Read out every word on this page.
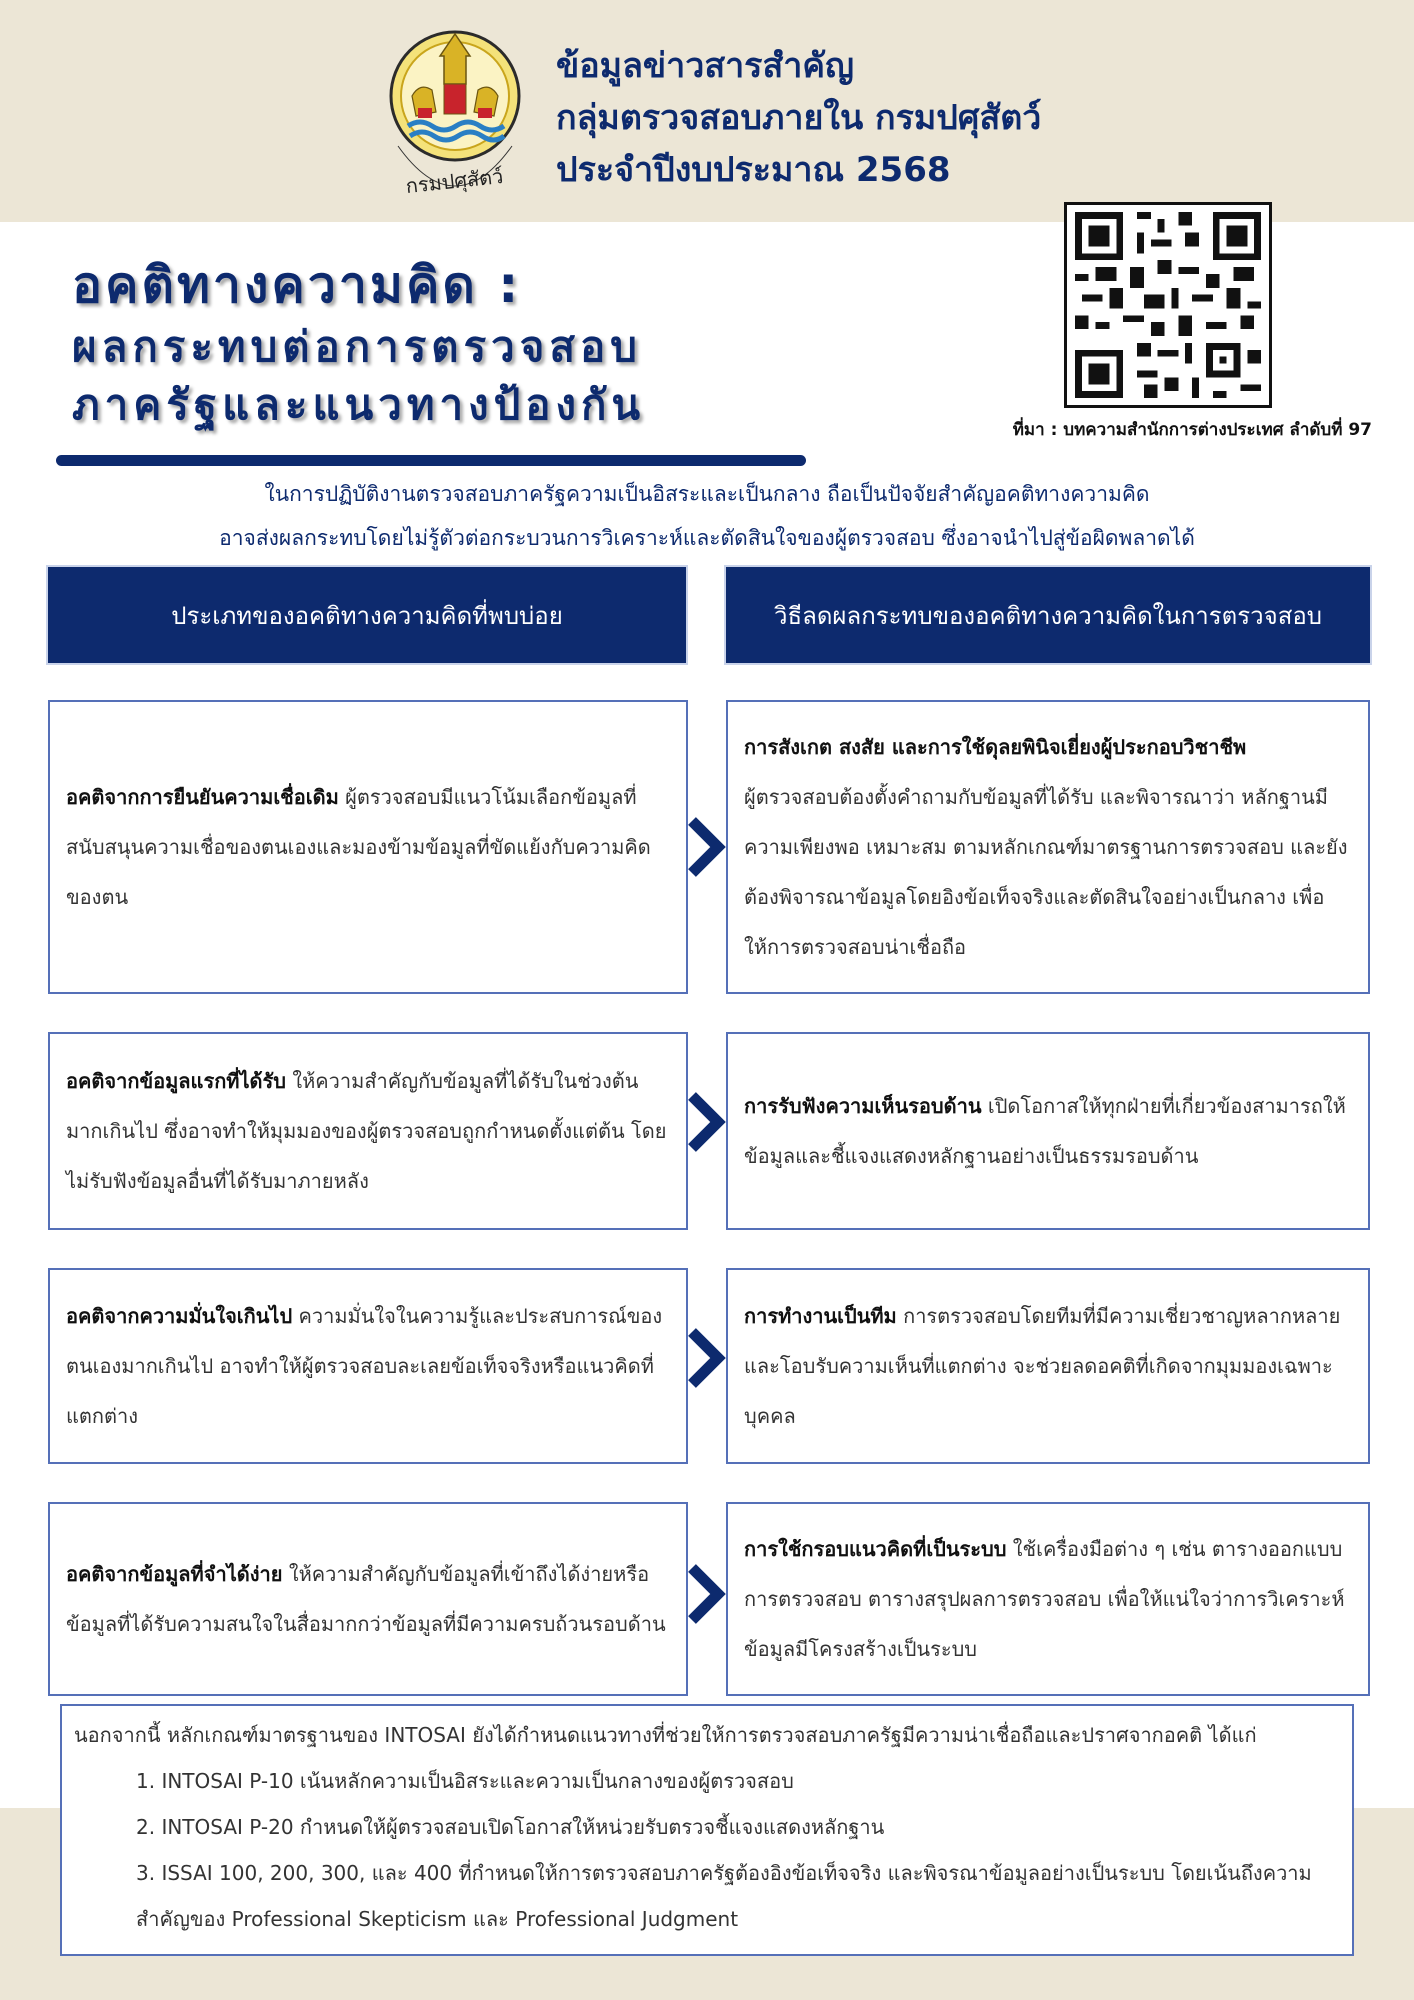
กรมปศุสัตว์
ข้อมูลข่าวสารสำคัญ
กลุ่มตรวจสอบภายใน กรมปศุสัตว์
ประจำปีงบประมาณ 2568
ที่มา : บทความสำนักการต่างประเทศ ลำดับที่ 97
อคติทางความคิด :
ผลกระทบต่อการตรวจสอบ
ภาครัฐและแนวทางป้องกัน
ในการปฏิบัติงานตรวจสอบภาครัฐความเป็นอิสระและเป็นกลาง ถือเป็นปัจจัยสำคัญอคติทางความคิด
อาจส่งผลกระทบโดยไม่รู้ตัวต่อกระบวนการวิเคราะห์และตัดสินใจของผู้ตรวจสอบ ซึ่งอาจนำไปสู่ข้อผิดพลาดได้
ประเภทของอคติทางความคิดที่พบบ่อย	วิธีลดผลกระทบของอคติทางความคิดในการตรวจสอบ
อคติจากการยืนยันความเชื่อเดิม ผู้ตรวจสอบมีแนวโน้มเลือกข้อมูลที่สนับสนุนความเชื่อของตนเองและมองข้ามข้อมูลที่ขัดแย้งกับความคิดของตน
การสังเกต สงสัย และการใช้ดุลยพินิจเยี่ยงผู้ประกอบวิชาชีพ
ผู้ตรวจสอบต้องตั้งคำถามกับข้อมูลที่ได้รับ และพิจารณาว่า หลักฐานมีความเพียงพอ เหมาะสม ตามหลักเกณฑ์มาตรฐานการตรวจสอบ และยังต้องพิจารณาข้อมูลโดยอิงข้อเท็จจริงและตัดสินใจอย่างเป็นกลาง เพื่อให้การตรวจสอบน่าเชื่อถือ
อคติจากข้อมูลแรกที่ได้รับ ให้ความสำคัญกับข้อมูลที่ได้รับในช่วงต้น มากเกินไป ซึ่งอาจทำให้มุมมองของผู้ตรวจสอบถูกกำหนดตั้งแต่ต้น โดยไม่รับฟังข้อมูลอื่นที่ได้รับมาภายหลัง
การรับฟังความเห็นรอบด้าน เปิดโอกาสให้ทุกฝ่ายที่เกี่ยวข้องสามารถให้ข้อมูลและชี้แจงแสดงหลักฐานอย่างเป็นธรรมรอบด้าน
อคติจากความมั่นใจเกินไป ความมั่นใจในความรู้และประสบการณ์ของตนเองมากเกินไป อาจทำให้ผู้ตรวจสอบละเลยข้อเท็จจริงหรือแนวคิดที่แตกต่าง
การทำงานเป็นทีม การตรวจสอบโดยทีมที่มีความเชี่ยวชาญหลากหลาย และโอบรับความเห็นที่แตกต่าง จะช่วยลดอคติที่เกิดจากมุมมองเฉพาะบุคคล
อคติจากข้อมูลที่จำได้ง่าย ให้ความสำคัญกับข้อมูลที่เข้าถึงได้ง่ายหรือข้อมูลที่ได้รับความสนใจในสื่อมากกว่าข้อมูลที่มีความครบถ้วนรอบด้าน
การใช้กรอบแนวคิดที่เป็นระบบ ใช้เครื่องมือต่าง ๆ เช่น ตารางออกแบบการตรวจสอบ ตารางสรุปผลการตรวจสอบ เพื่อให้แน่ใจว่าการวิเคราะห์ข้อมูลมีโครงสร้างเป็นระบบ
นอกจากนี้ หลักเกณฑ์มาตรฐานของ INTOSAI ยังได้กำหนดแนวทางที่ช่วยให้การตรวจสอบภาครัฐมีความน่าเชื่อถือและปราศจากอคติ ได้แก่
1. INTOSAI P-10 เน้นหลักความเป็นอิสระและความเป็นกลางของผู้ตรวจสอบ
2. INTOSAI P-20 กำหนดให้ผู้ตรวจสอบเปิดโอกาสให้หน่วยรับตรวจชี้แจงแสดงหลักฐาน
3. ISSAI 100, 200, 300, และ 400 ที่กำหนดให้การตรวจสอบภาครัฐต้องอิงข้อเท็จจริง และพิจรณาข้อมูลอย่างเป็นระบบ โดยเน้นถึงความสำคัญของ Professional Skepticism และ Professional Judgment
